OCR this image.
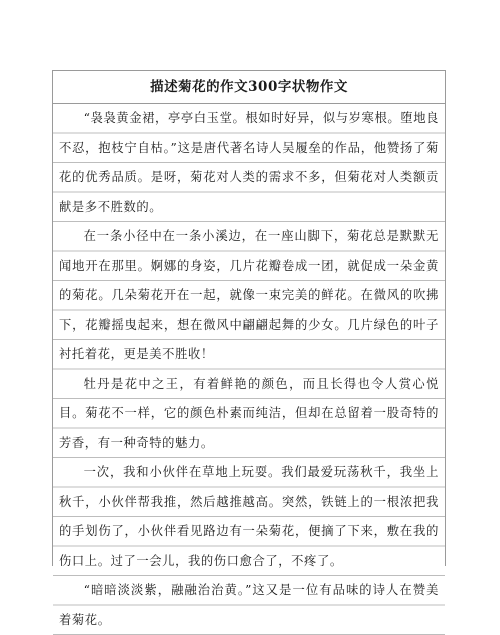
描述菊花的作文300字状物作文

“袅袅黄金裙，亭亭白玉堂。根如时好异，似与岁寒根。堕地良不忍，抱枝宁自枯。”这是唐代著名诗人吴履垒的作品，他赞扬了菊花的优秀品质。是呀，菊花对人类的需求不多，但菊花对人类额贡献是多不胜数的。

在一条小径中在一条小溪边，在一座山脚下，菊花总是默默无闻地开在那里。婀娜的身姿，几片花瓣卷成一团，就促成一朵金黄的菊花。几朵菊花开在一起，就像一束完美的鲜花。在微风的吹拂下，花瓣摇曳起来，想在微风中翩翩起舞的少女。几片绿色的叶子衬托着花，更是美不胜收！

牡丹是花中之王，有着鲜艳的颜色，而且长得也令人赏心悦目。菊花不一样，它的颜色朴素而纯洁，但却在总留着一股奇特的芳香，有一种奇特的魅力。

一次，我和小伙伴在草地上玩耍。我们最爱玩荡秋千，我坐上秋千，小伙伴帮我推，然后越推越高。突然，铁链上的一根浓把我的手划伤了，小伙伴看见路边有一朵菊花，便摘了下来，敷在我的伤口上。过了一会儿，我的伤口愈合了，不疼了。

“暗暗淡淡紫，融融治治黄。”这又是一位有品味的诗人在赞美着菊花。
